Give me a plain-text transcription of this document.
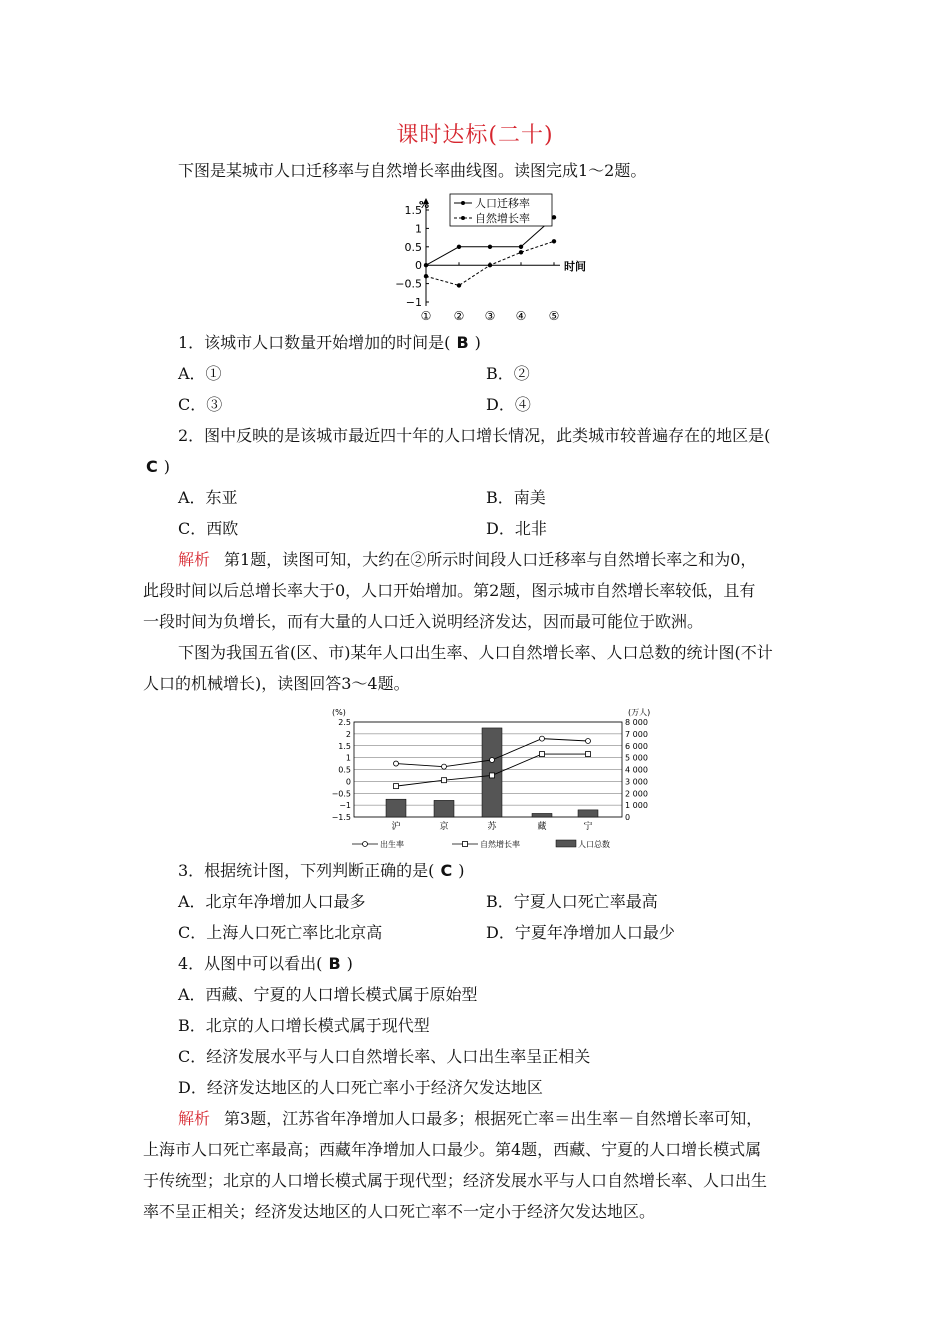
课时达标(二十)
下图是某城市人口迁移率与自然增长率曲线图。读图完成1～2题。
%
时间
1.5
1
0.5
0
−0.5
−1
① ② ③ ④ ⑤
人口迁移率
自然增长率
1．该城市人口数量开始增加的时间是( B )
A．①	B．②
C．③	D．④
2．图中反映的是该城市最近四十年的人口增长情况，此类城市较普遍存在的地区是(
C )
A．东亚	B．南美
C．西欧	D．北非
解析 第1题，读图可知，大约在②所示时间段人口迁移率与自然增长率之和为0，
此段时间以后总增长率大于0，人口开始增加。第2题，图示城市自然增长率较低，且有
一段时间为负增长，而有大量的人口迁入说明经济发达，因而最可能位于欧洲。
下图为我国五省(区、市)某年人口出生率、人口自然增长率、人口总数的统计图(不计
人口的机械增长)，读图回答3～4题。
2.5
2
1.5
1
0.5
0
−0.5
−1
−1.5
8 000
7 000
6 000
5 000
4 000
3 000
2 000
1 000
0
(%)	(万人)
沪	京	苏	藏	宁
出生率	自然增长率	人口总数
3．根据统计图，下列判断正确的是( C )
A．北京年净增加人口最多	B．宁夏人口死亡率最高
C．上海人口死亡率比北京高	D．宁夏年净增加人口最少
4．从图中可以看出( B )
A．西藏、宁夏的人口增长模式属于原始型
B．北京的人口增长模式属于现代型
C．经济发展水平与人口自然增长率、人口出生率呈正相关
D．经济发达地区的人口死亡率小于经济欠发达地区
解析 第3题，江苏省年净增加人口最多；根据死亡率＝出生率－自然增长率可知，
上海市人口死亡率最高；西藏年净增加人口最少。第4题，西藏、宁夏的人口增长模式属
于传统型；北京的人口增长模式属于现代型；经济发展水平与人口自然增长率、人口出生
率不呈正相关；经济发达地区的人口死亡率不一定小于经济欠发达地区。
